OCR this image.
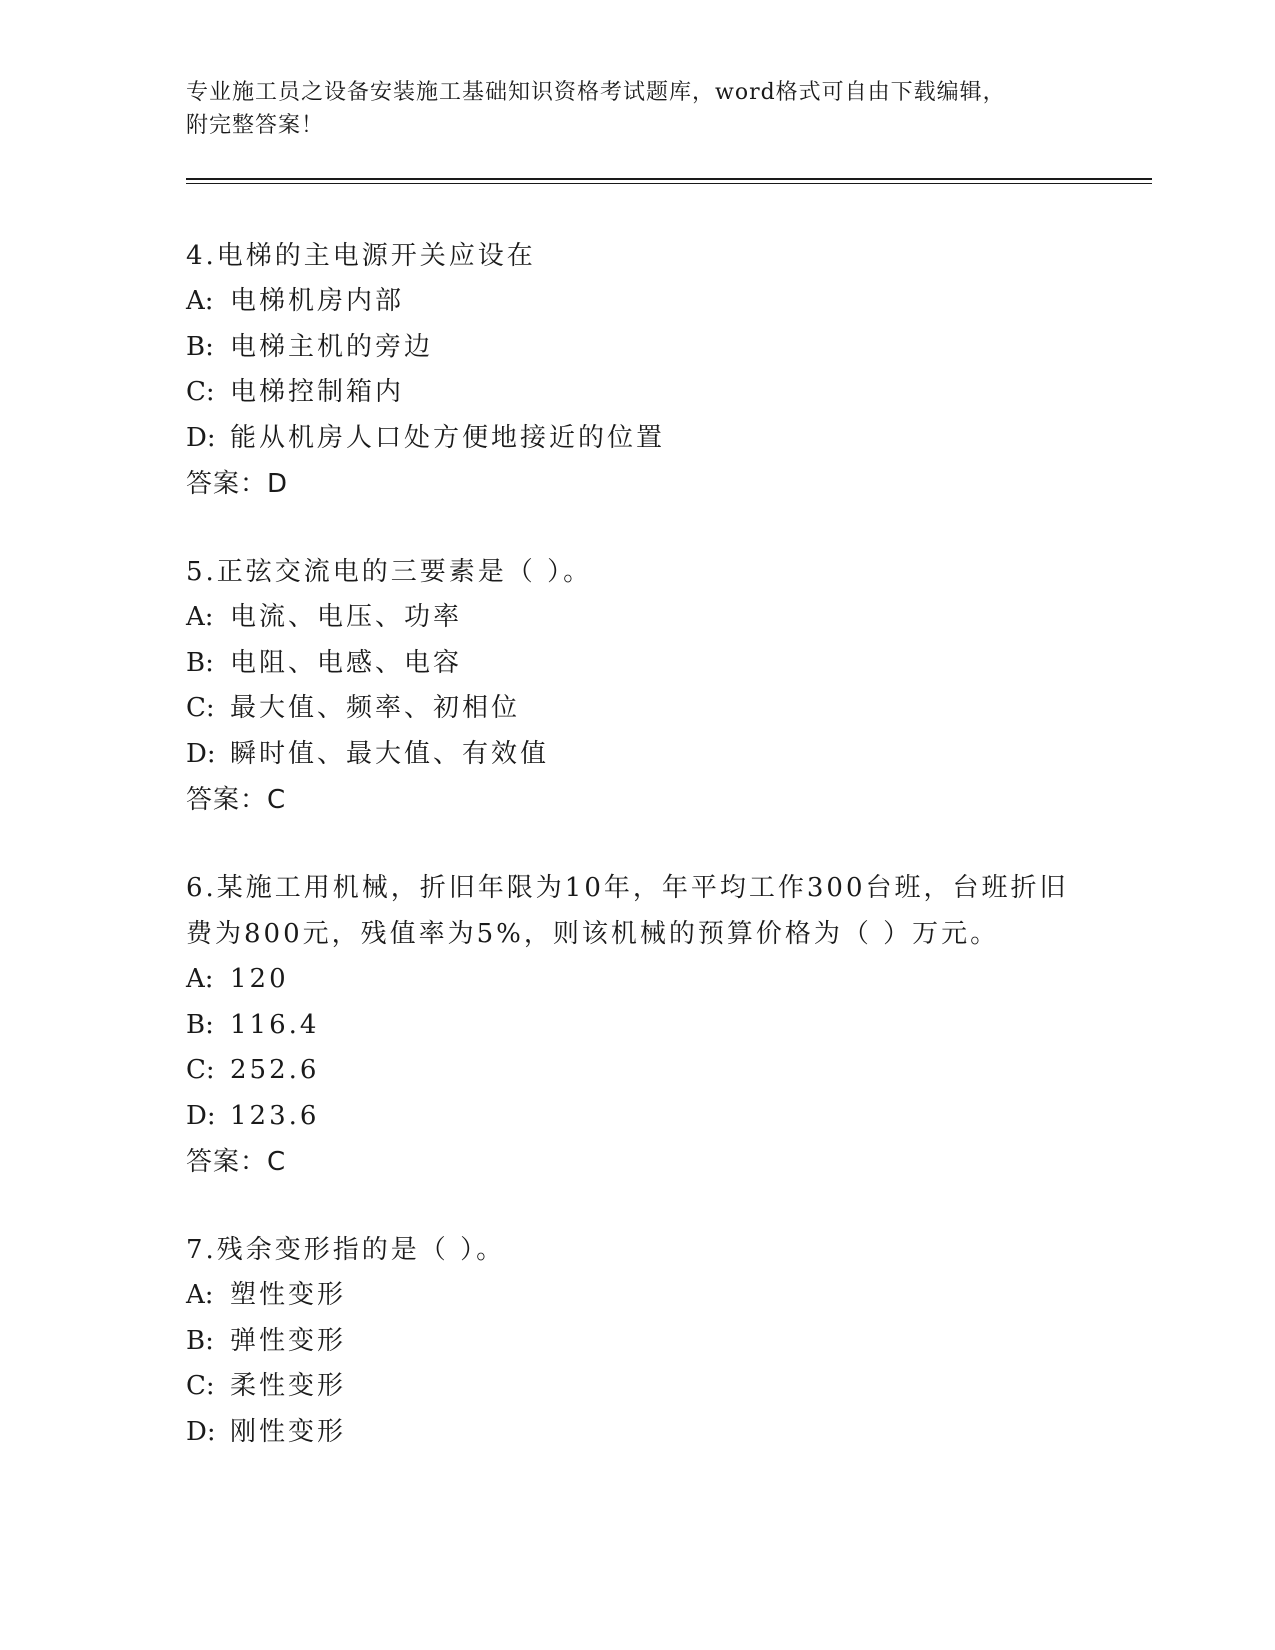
专业施工员之设备安装施工基础知识资格考试题库，word格式可自由下载编辑，
附完整答案！

4.电梯的主电源开关应设在

A: 电梯机房内部

B: 电梯主机的旁边

C: 电梯控制箱内

D: 能从机房人口处方便地接近的位置

答案：D

5.正弦交流电的三要素是（ ）。

A: 电流、电压、功率

B: 电阻、电感、电容

C: 最大值、频率、初相位

D: 瞬时值、最大值、有效值

答案：C

6.某施工用机械，折旧年限为10年，年平均工作300台班，台班折旧费为800元，残值率为5%，则该机械的预算价格为（ ）万元。

A: 120

B: 116.4

C: 252.6

D: 123.6

答案：C

7.残余变形指的是（ ）。

A: 塑性变形

B: 弹性变形

C: 柔性变形

D: 刚性变形
